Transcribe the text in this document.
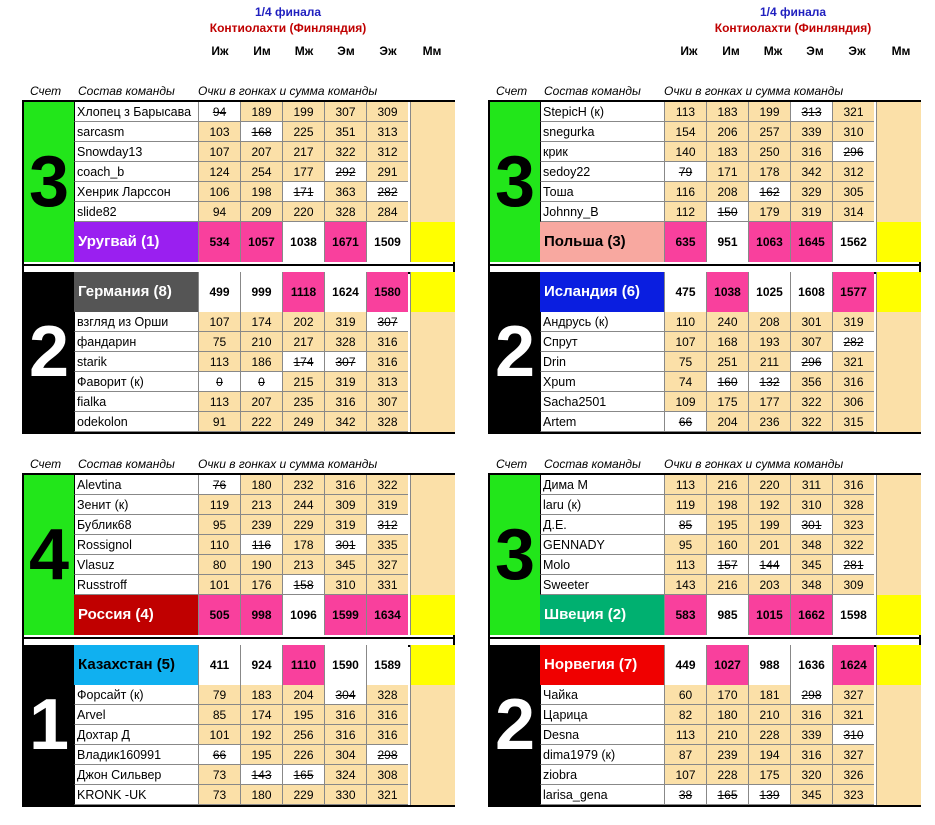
1/4 финала
Контиолахти (Финляндия)
1/4 финала
Контиолахти (Финляндия)
Иж	Им	Мж	Эм	Эж	Мм	Иж	Им	Мж	Эм	Эж	Мм
Счет Состав команды Очки в гонках и сумма команды
3
2
Хлопец з Барысава	94	189	199	307	309
sarcasm	103	168	225	351	313
Snowday13	107	207	217	322	312
coach_b	124	254	177	292	291
Хенрик Ларссон	106	198	171	363	282
slide82	94	209	220	328	284
Уругвай (1)	534	1057	1038	1671	1509
Германия (8)	499	999	1118	1624	1580
взгляд из Орши	107	174	202	319	307
фандарин	75	210	217	328	316
starik	113	186	174	307	316
Фаворит (к)	0	0	215	319	313
fialka	113	207	235	316	307
odekolon	91	222	249	342	328
Счет Состав команды Очки в гонках и сумма команды
3
2
StepicH (к)	113	183	199	313	321
snegurka	154	206	257	339	310
крик	140	183	250	316	296
sedoy22	79	171	178	342	312
Тоша	116	208	162	329	305
Johnny_B	112	150	179	319	314
Польша (3)	635	951	1063	1645	1562
Исландия (6)	475	1038	1025	1608	1577
Андрусь (к)	110	240	208	301	319
Спрут	107	168	193	307	282
Drin	75	251	211	296	321
Хрum	74	160	132	356	316
Sacha2501	109	175	177	322	306
Artem	66	204	236	322	315
Счет Состав команды Очки в гонках и сумма команды
4
1
Alevtina	76	180	232	316	322
Зенит (к)	119	213	244	309	319
Бублик68	95	239	229	319	312
Rossignol	110	116	178	301	335
Vlasuz	80	190	213	345	327
Russtroff	101	176	158	310	331
Россия (4)	505	998	1096	1599	1634
Казахстан (5)	411	924	1110	1590	1589
Форсайт (к)	79	183	204	304	328
Arvel	85	174	195	316	316
Дохтар Д	101	192	256	316	316
Владик160991	66	195	226	304	298
Джон Сильвер	73	143	165	324	308
KRONK -UK	73	180	229	330	321
Счет Состав команды Очки в гонках и сумма команды
3
2
Дима М	113	216	220	311	316
laru (к)	119	198	192	310	328
Д.Е.	85	195	199	301	323
GENNADY	95	160	201	348	322
Molo	113	157	144	345	281
Sweeter	143	216	203	348	309
Швеция (2)	583	985	1015	1662	1598
Норвегия (7)	449	1027	988	1636	1624
Чайка	60	170	181	298	327
Царица	82	180	210	316	321
Desna	113	210	228	339	310
dima1979 (к)	87	239	194	316	327
ziobra	107	228	175	320	326
larisa_gena	38	165	139	345	323
